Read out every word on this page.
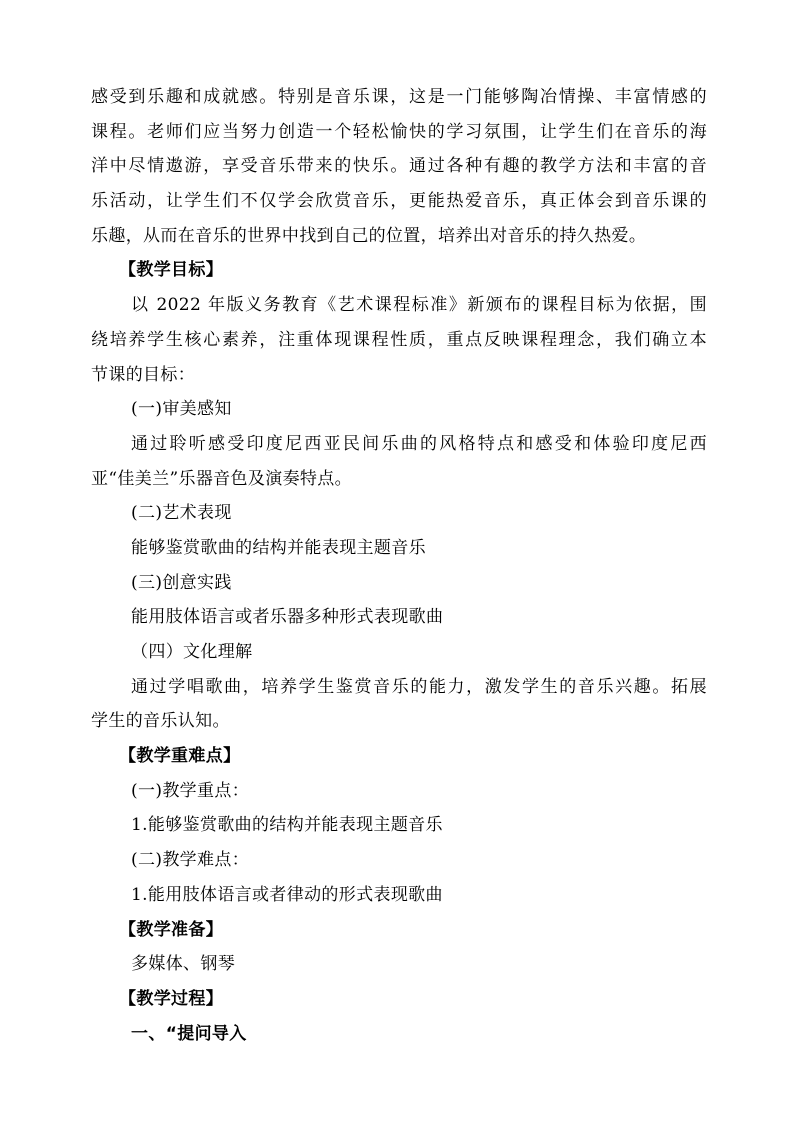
感受到乐趣和成就感。特别是音乐课，这是一门能够陶冶情操、丰富情感的
课程。老师们应当努力创造一个轻松愉快的学习氛围，让学生们在音乐的海
洋中尽情遨游，享受音乐带来的快乐。通过各种有趣的教学方法和丰富的音
乐活动，让学生们不仅学会欣赏音乐，更能热爱音乐，真正体会到音乐课的
乐趣，从而在音乐的世界中找到自己的位置，培养出对音乐的持久热爱。
【教学目标】
以 2022 年版义务教育《艺术课程标准》新颁布的课程目标为依据，围
绕培养学生核心素养，注重体现课程性质，重点反映课程理念，我们确立本
节课的目标：
(一)审美感知
通过聆听感受印度尼西亚民间乐曲的风格特点和感受和体验印度尼西
亚“佳美兰”乐器音色及演奏特点。
(二)艺术表现
能够鉴赏歌曲的结构并能表现主题音乐
(三)创意实践
能用肢体语言或者乐器多种形式表现歌曲
（四）文化理解
通过学唱歌曲，培养学生鉴赏音乐的能力，激发学生的音乐兴趣。拓展
学生的音乐认知。
【教学重难点】
(一)教学重点：
1.能够鉴赏歌曲的结构并能表现主题音乐
(二)教学难点：
1.能用肢体语言或者律动的形式表现歌曲
【教学准备】
多媒体、钢琴
【教学过程】
一、“提问导入
